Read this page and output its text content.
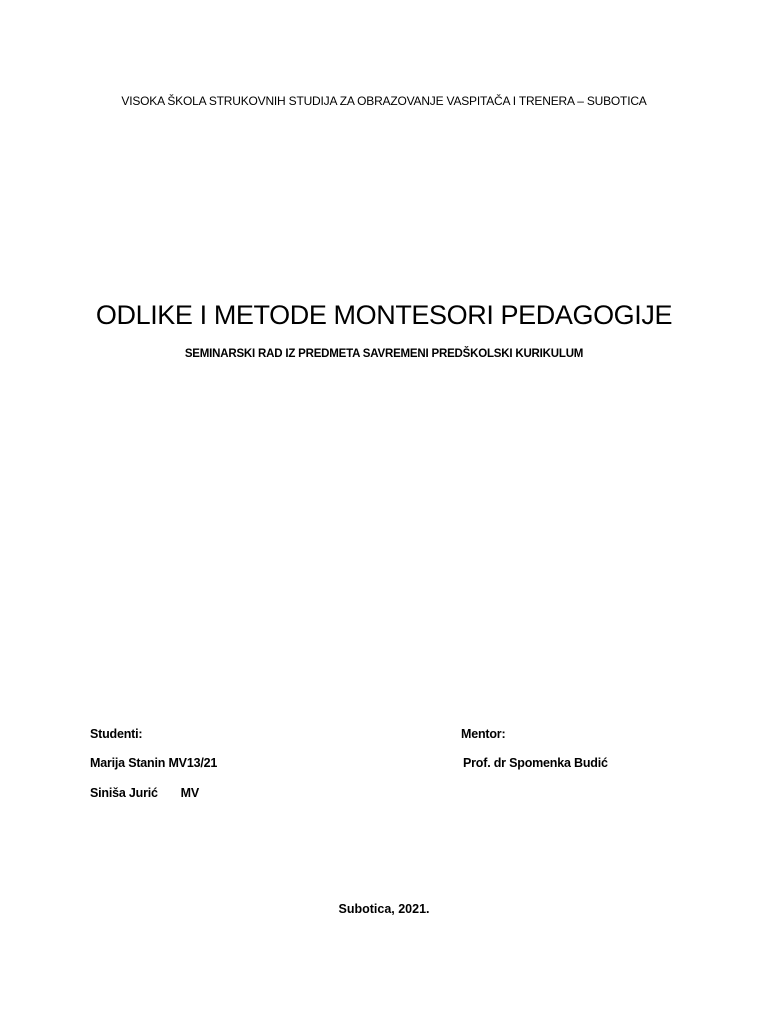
VISOKA ŠKOLA STRUKOVNIH STUDIJA ZA OBRAZOVANJE VASPITAČA I TRENERA – SUBOTICA
ODLIKE I METODE MONTESORI PEDAGOGIJE
SEMINARSKI RAD IZ PREDMETA SAVREMENI PREDŠKOLSKI KURIKULUM
Studenti:
Marija Stanin MV13/21
Siniša Jurić       MV
Mentor:
Prof. dr Spomenka Budić
Subotica, 2021.
